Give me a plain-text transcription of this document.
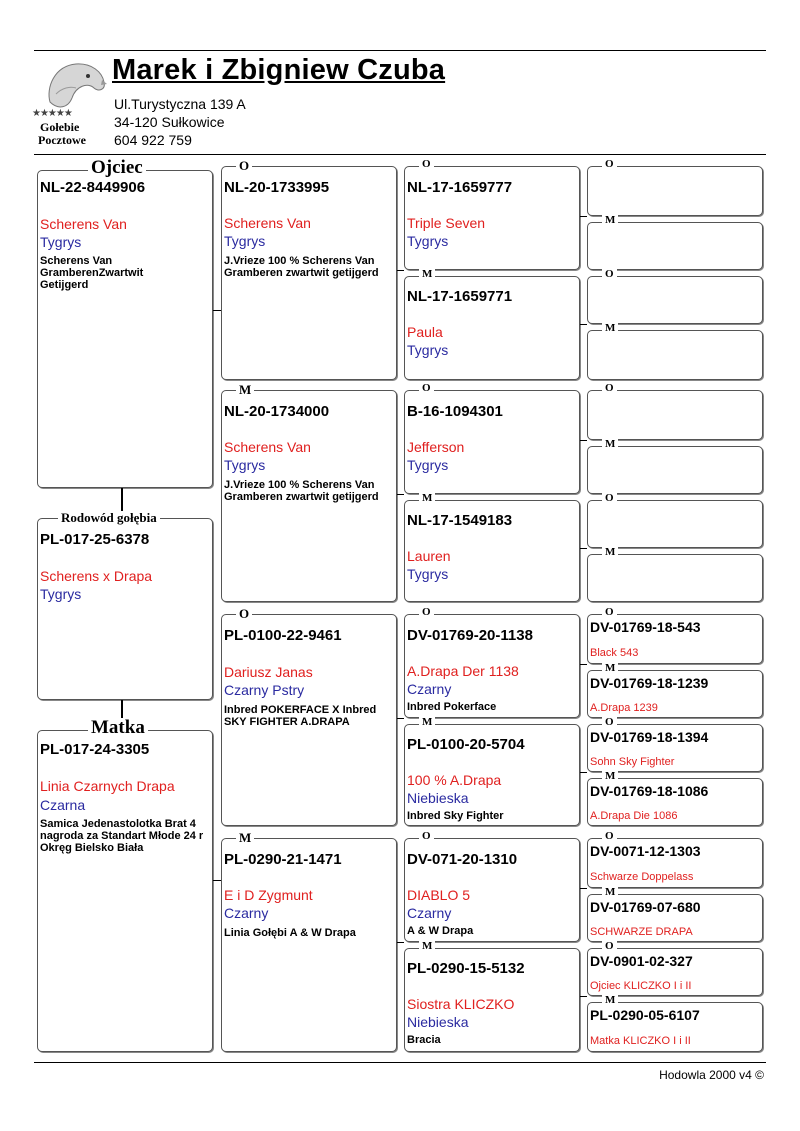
★★★★★
Gołebie
Pocztowe
Marek i Zbigniew Czuba
Ul.Turystyczna 139 A
34-120 Sułkowice
604 922 759
Ojciec
NL-22-8449906
Scherens Van
Tygrys
Scherens Van GramberenZwartwit Getijgerd
Rodowód gołębia
PL-017-25-6378
Scherens x Drapa
Tygrys
Matka
PL-017-24-3305
Linia Czarnych Drapa
Czarna
Samica Jedenastolotka Brat 4 nagroda za Standart Młode 24 r Okręg Bielsko Biała
O
NL-20-1733995
Scherens Van
Tygrys
J.Vrieze 100 % Scherens Van Gramberen zwartwit getijgerd
M
NL-20-1734000
Scherens Van
Tygrys
J.Vrieze 100 % Scherens Van Gramberen zwartwit getijgerd
O
PL-0100-22-9461
Dariusz Janas
Czarny Pstry
Inbred POKERFACE X Inbred SKY FIGHTER A.DRAPA
M
PL-0290-21-1471
E i D Zygmunt
Czarny
Linia Gołębi A & W Drapa
O
NL-17-1659777
Triple Seven
Tygrys
M
NL-17-1659771
Paula
Tygrys
O
B-16-1094301
Jefferson
Tygrys
M
NL-17-1549183
Lauren
Tygrys
O
DV-01769-20-1138
A.Drapa Der 1138
Czarny
Inbred Pokerface
M
PL-0100-20-5704
100 % A.Drapa
Niebieska
Inbred Sky Fighter
O
DV-071-20-1310
DIABLO 5
Czarny
A & W Drapa
M
PL-0290-15-5132
Siostra KLICZKO
Niebieska
Bracia
O
M
O
M
O
M
O
M
O
DV-01769-18-543
Black 543
M
DV-01769-18-1239
A.Drapa 1239
O
DV-01769-18-1394
Sohn Sky Fighter
M
DV-01769-18-1086
A.Drapa Die 1086
O
DV-0071-12-1303
Schwarze Doppelass
M
DV-01769-07-680
SCHWARZE DRAPA
O
DV-0901-02-327
Ojciec KLICZKO I i II
M
PL-0290-05-6107
Matka KLICZKO I i II
Hodowla 2000 v4 ©
